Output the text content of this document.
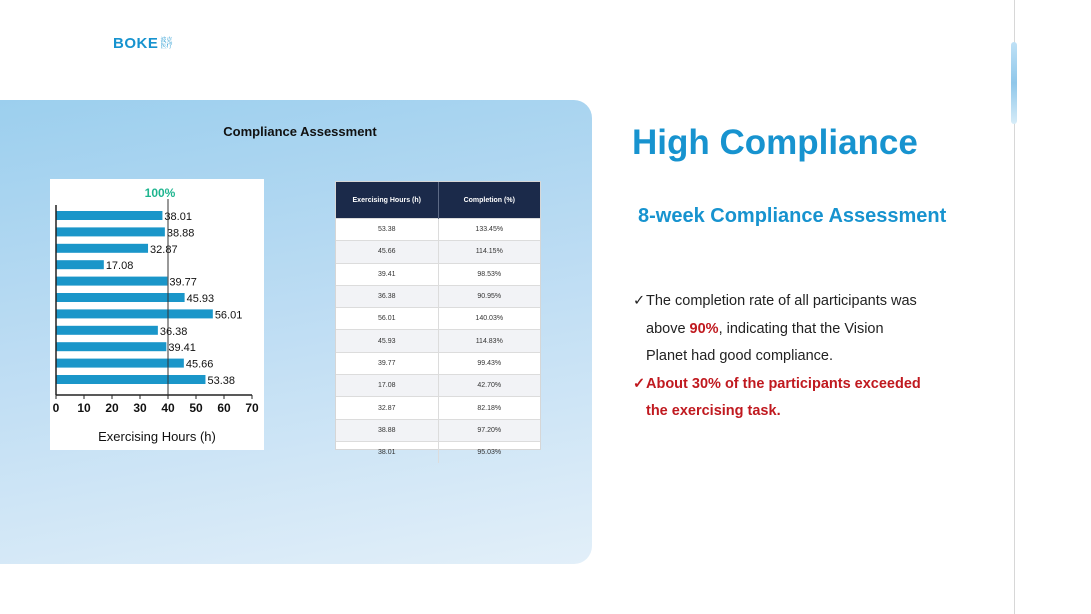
BOKE 波克医疗
Compliance Assessment
38.01
38.88
32.87
17.08
39.77
45.93
56.01
36.38
39.41
45.66
53.38
0 10 20 30 40 50 60 70
100%
Exercising Hours (h)
Exercising Hours (h)	Completion (%)
53.38	133.45%
45.66	114.15%
39.41	98.53%
36.38	90.95%
56.01	140.03%
45.93	114.83%
39.77	99.43%
17.08	42.70%
32.87	82.18%
38.88	97.20%
38.01	95.03%
High Compliance
8-week Compliance Assessment
✓ The completion rate of all participants was
above 90%, indicating that the Vision
Planet had good compliance.
✓ About 30% of the participants exceeded
the exercising task.
